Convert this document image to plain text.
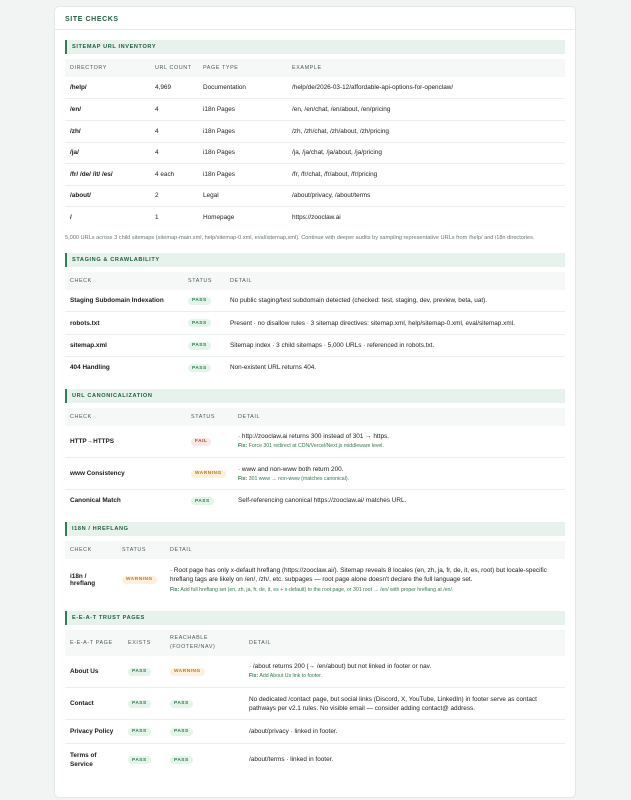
SITE CHECKS
SITEMAP URL INVENTORY
DIRECTORY	URL COUNT	PAGE TYPE	EXAMPLE
/help/	4,969	Documentation	/help/de/2026-03-12/affordable-api-options-for-openclaw/
/en/	4	i18n Pages	/en, /en/chat, /en/about, /en/pricing
/zh/	4	i18n Pages	/zh, /zh/chat, /zh/about, /zh/pricing
/ja/	4	i18n Pages	/ja, /ja/chat, /ja/about, /ja/pricing
/fr/ /de/ /it/ /es/	4 each	i18n Pages	/fr, /fr/chat, /fr/about, /fr/pricing
/about/	2	Legal	/about/privacy, /about/terms
/	1	Homepage	https://zooclaw.ai
5,000 URLs across 3 child sitemaps (sitemap-main.xml, help/sitemap-0.xml, eval/sitemap.xml). Continue with deeper audits by sampling representative URLs from /help/ and i18n directories.
STAGING & CRAWLABILITY
CHECK	STATUS	DETAIL
Staging Subdomain Indexation	PASS	No public staging/test subdomain detected (checked: test, staging, dev, preview, beta, uat).
robots.txt	PASS	Present · no disallow rules · 3 sitemap directives: sitemap.xml, help/sitemap-0.xml, eval/sitemap.xml.
sitemap.xml	PASS	Sitemap index · 3 child sitemaps · 5,000 URLs · referenced in robots.txt.
404 Handling	PASS	Non-existent URL returns 404.
URL CANONICALIZATION
CHECK	STATUS	DETAIL
HTTP→HTTPS	FAIL	· http://zooclaw.ai returns 300 instead of 301 → https.
Fix: Force 301 redirect at CDN/Vercel/Next.js middleware level.

www Consistency	WARNING	· www and non-www both return 200.
Fix: 301 www → non-www (matches canonical).

Canonical Match	PASS	Self-referencing canonical https://zooclaw.ai/ matches URL.
I18N / HREFLANG
CHECK	STATUS	DETAIL
i18n / hreflang	WARNING	· Root page has only x-default hreflang (https://zooclaw.ai/). Sitemap reveals 8 locales (en, zh, ja, fr, de, it, es, root) but locale-specific hreflang tags are likely on /en/, /zh/, etc. subpages — root page alone doesn't declare the full language set.
Fix: Add full hreflang set (en, zh, ja, fr, de, it, es + x-default) to the root page, or 301 root → /en/ with proper hreflang at /en/.
E-E-A-T TRUST PAGES
E-E-A-T PAGE	EXISTS	REACHABLE (FOOTER/NAV)	DETAIL
About Us	PASS	WARNING	· /about returns 200 (→ /en/about) but not linked in footer or nav.
Fix: Add About Us link to footer.

Contact	PASS	PASS	No dedicated /contact page, but social links (Discord, X, YouTube, LinkedIn) in footer serve as contact pathways per v2.1 rules. No visible email — consider adding contact@ address.
Privacy Policy	PASS	PASS	/about/privacy · linked in footer.
Terms of Service	PASS	PASS	/about/terms · linked in footer.
